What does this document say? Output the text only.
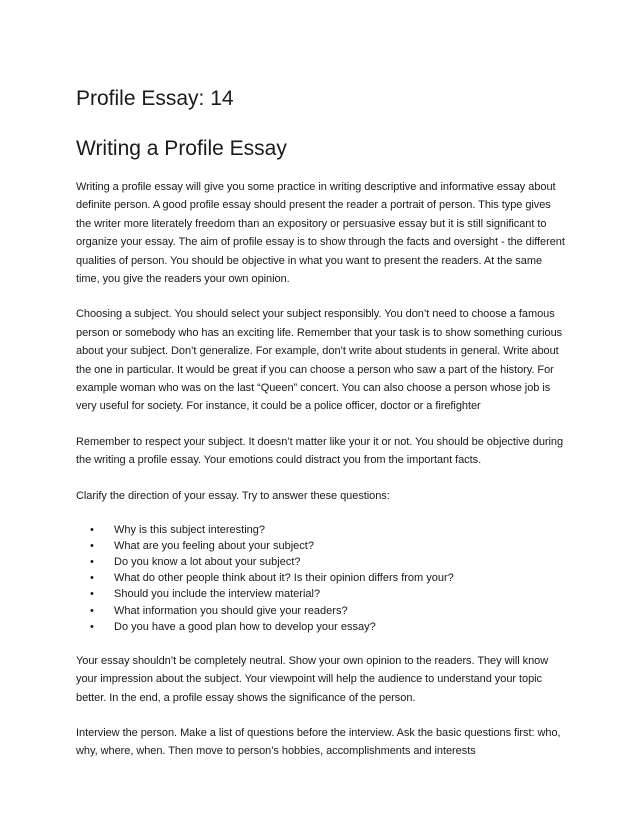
Profile Essay: 14
Writing a Profile Essay

Writing a profile essay will give you some practice in writing descriptive and informative essay about definite person. A good profile essay should present the reader a portrait of person. This type gives the writer more literately freedom than an expository or persuasive essay but it is still significant to organize your essay. The aim of profile essay is to show through the facts and oversight - the different qualities of person. You should be objective in what you want to present the readers. At the same time, you give the readers your own opinion.

Choosing a subject. You should select your subject responsibly. You don’t need to choose a famous person or somebody who has an exciting life. Remember that your task is to show something curious about your subject. Don’t generalize. For example, don’t write about students in general. Write about the one in particular. It would be great if you can choose a person who saw a part of the history. For example woman who was on the last “Queen” concert. You can also choose a person whose job is very useful for society. For instance, it could be a police officer, doctor or a firefighter

Remember to respect your subject. It doesn’t matter like your it or not. You should be objective during the writing a profile essay. Your emotions could distract you from the important facts.

Clarify the direction of your essay. Try to answer these questions:

• Why is this subject interesting?
• What are you feeling about your subject?
• Do you know a lot about your subject?
• What do other people think about it? Is their opinion differs from your?
• Should you include the interview material?
• What information you should give your readers?
• Do you have a good plan how to develop your essay?

Your essay shouldn’t be completely neutral. Show your own opinion to the readers. They will know your impression about the subject. Your viewpoint will help the audience to understand your topic better. In the end, a profile essay shows the significance of the person.

Interview the person. Make a list of questions before the interview. Ask the basic questions first: who, why, where, when. Then move to person’s hobbies, accomplishments and interests
